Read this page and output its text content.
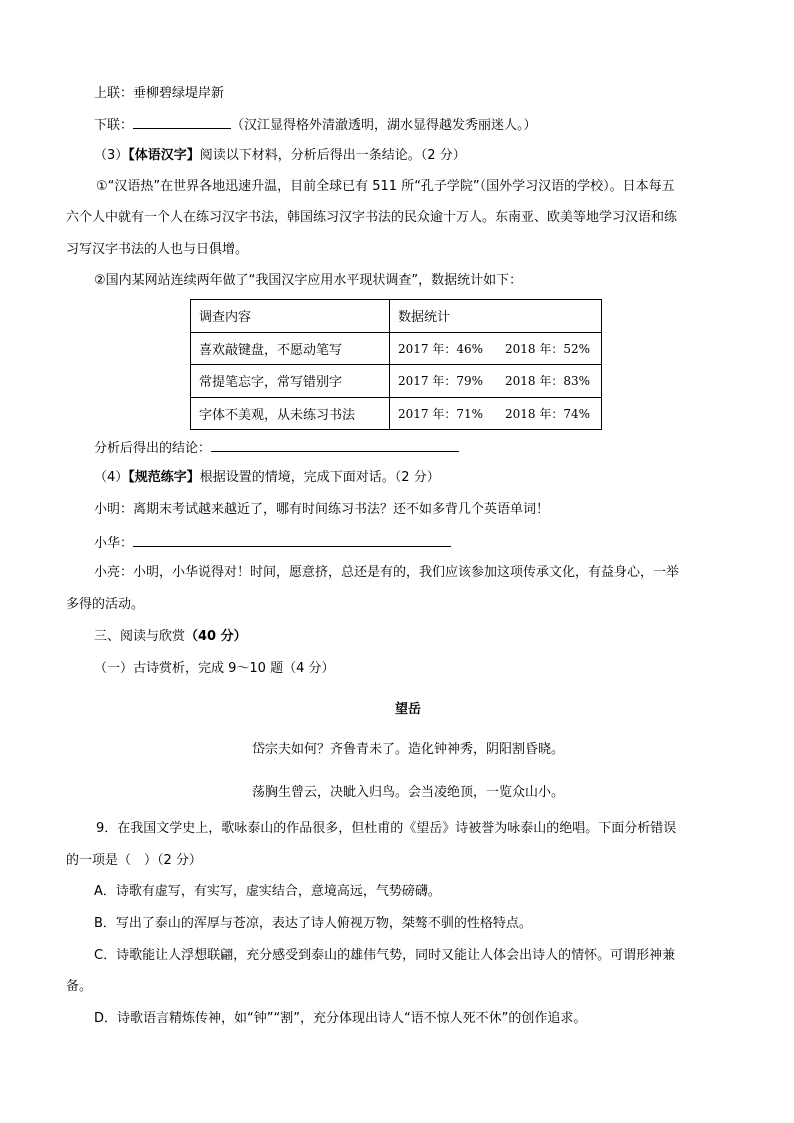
上联：垂柳碧绿堤岸新
下联：	（汉江显得格外清澈透明，湖水显得越发秀丽迷人。）
（3）【体语汉字】阅读以下材料，分析后得出一条结论。（2 分）
①“汉语热”在世界各地迅速升温，目前全球已有 511 所“孔子学院”（国外学习汉语的学校）。日本每五
六个人中就有一个人在练习汉字书法，韩国练习汉字书法的民众逾十万人。东南亚、欧美等地学习汉语和练
习写汉字书法的人也与日俱增。
②国内某网站连续两年做了“我国汉字应用水平现状调查”，数据统计如下：
调查内容	数据统计
喜欢敲键盘，不愿动笔写	2017 年：46% 2018 年：52%
常提笔忘字，常写错别字	2017 年：79% 2018 年：83%
字体不美观，从未练习书法	2017 年：71% 2018 年：74%
分析后得出的结论：
（4）【规范练字】根据设置的情境，完成下面对话。（2 分）
小明：离期末考试越来越近了，哪有时间练习书法？还不如多背几个英语单词！
小华：
小亮：小明，小华说得对！时间，愿意挤，总还是有的，我们应该参加这项传承文化，有益身心，一举
多得的活动。
三、阅读与欣赏（40 分）
（一）古诗赏析，完成 9～10 题（4 分）
望岳
岱宗夫如何？齐鲁青未了。造化钟神秀，阴阳割昏晓。
荡胸生曾云，决眦入归鸟。会当凌绝顶，一览众山小。
9．在我国文学史上，歌咏泰山的作品很多，但杜甫的《望岳》诗被誉为咏泰山的绝唱。下面分析错误
的一项是（　）（2 分）
A．诗歌有虚写，有实写，虚实结合，意境高远，气势磅礴。
B．写出了泰山的浑厚与苍凉，表达了诗人俯视万物，桀骜不驯的性格特点。
C．诗歌能让人浮想联翩，充分感受到泰山的雄伟气势，同时又能让人体会出诗人的情怀。可谓形神兼
备。
D．诗歌语言精炼传神，如“钟”“割”，充分体现出诗人“语不惊人死不休”的创作追求。
